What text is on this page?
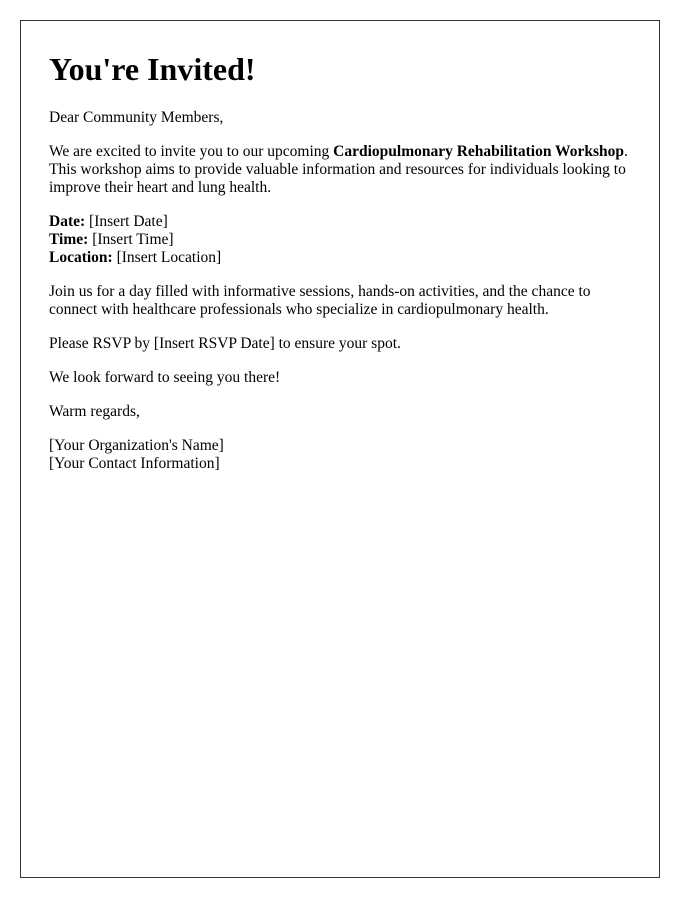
You're Invited!

Dear Community Members,

We are excited to invite you to our upcoming Cardiopulmonary Rehabilitation Workshop. This workshop aims to provide valuable information and resources for individuals looking to improve their heart and lung health.

Date: [Insert Date]
Time: [Insert Time]
Location: [Insert Location]

Join us for a day filled with informative sessions, hands-on activities, and the chance to connect with healthcare professionals who specialize in cardiopulmonary health.

Please RSVP by [Insert RSVP Date] to ensure your spot.

We look forward to seeing you there!

Warm regards,

[Your Organization's Name]
[Your Contact Information]
